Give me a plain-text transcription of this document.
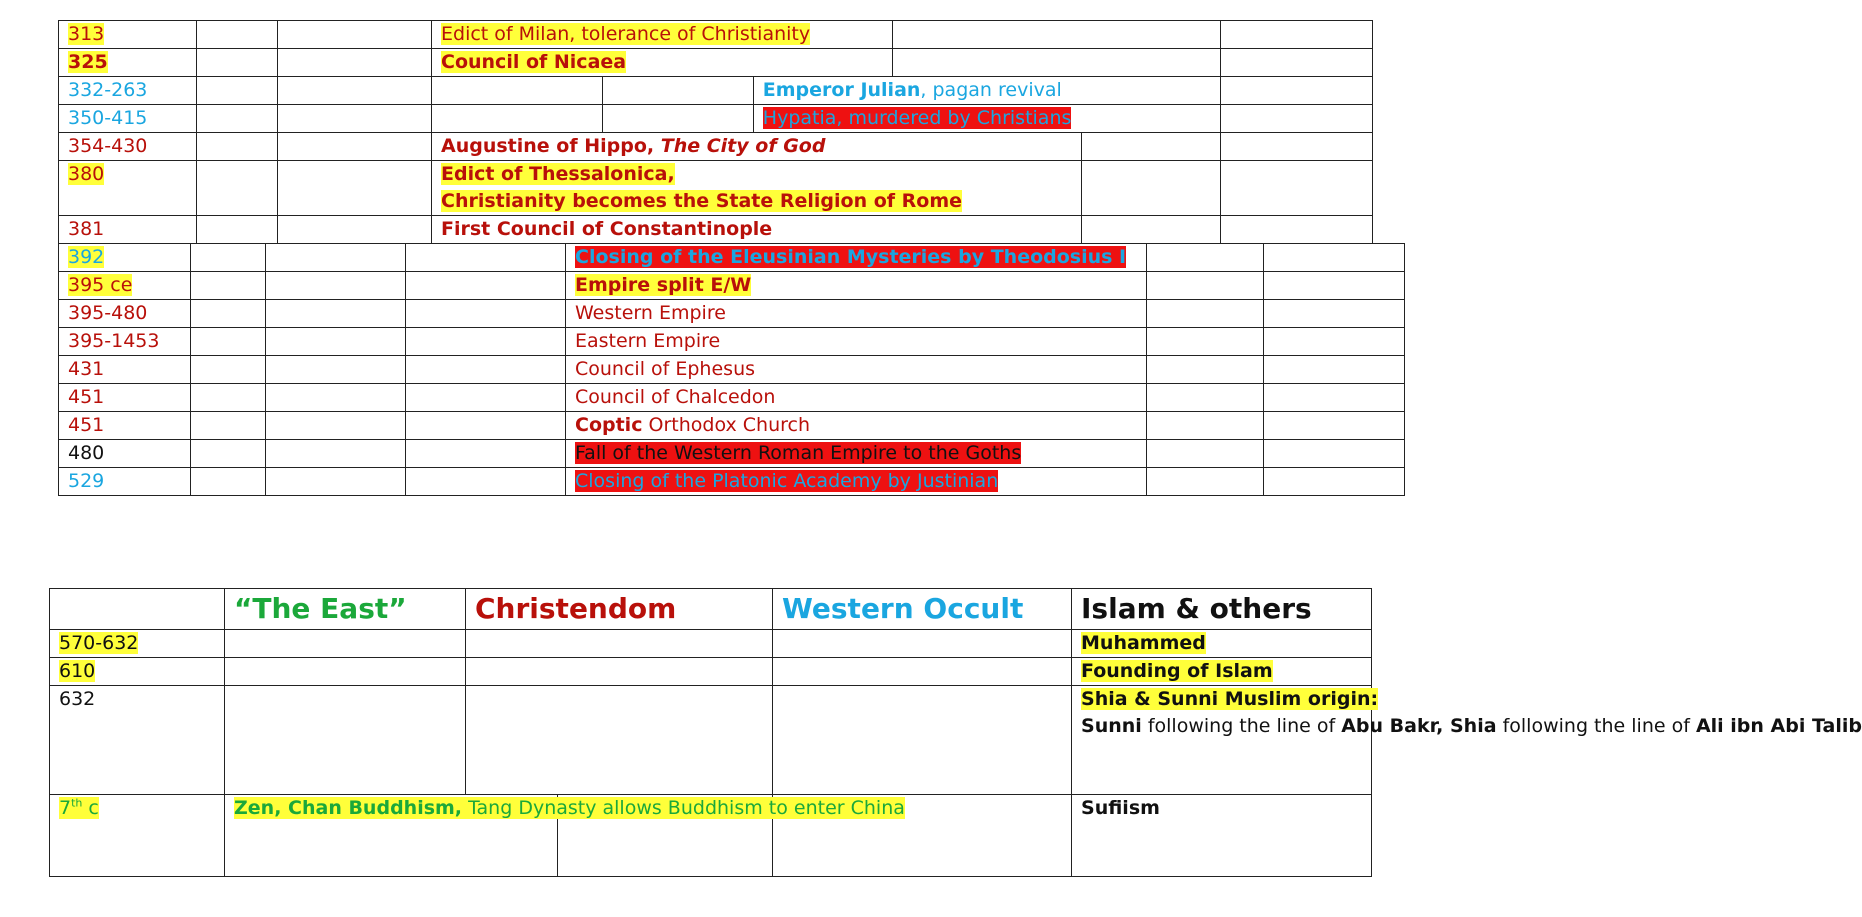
313			Edict of Milan, tolerance of Christianity					
325			Council of Nicaea					
332-263					Emperor Julian, pagan revival			
350-415					Hypatia, murdered by Christians			
354-430			Augustine of Hippo, The City of God					
380			Edict of Thessalonica,
Christianity becomes the State Religion of Rome					
381			First Council of Constantinople					
392				Closing of the Eleusinian Mysteries by Theodosius I		
395 ce				Empire split E/W		
395-480				Western Empire		
395-1453				Eastern Empire		
431				Council of Ephesus		
451				Council of Chalcedon		
451				Coptic Orthodox Church		
480				Fall of the Western Roman Empire to the Goths		
529				Closing of the Platonic Academy by Justinian		
	“The East”	Christendom		Western Occult	Islam & others
570-632					Muhammed
610					Founding of Islam
632					Shia & Sunni Muslim origin:
Sunni following the line of Abu Bakr, Shia following the line of Ali ibn Abi Talib
7th c	Zen, Chan Buddhism, Tang Dynasty allows Buddhism to enter China				Sufiism
